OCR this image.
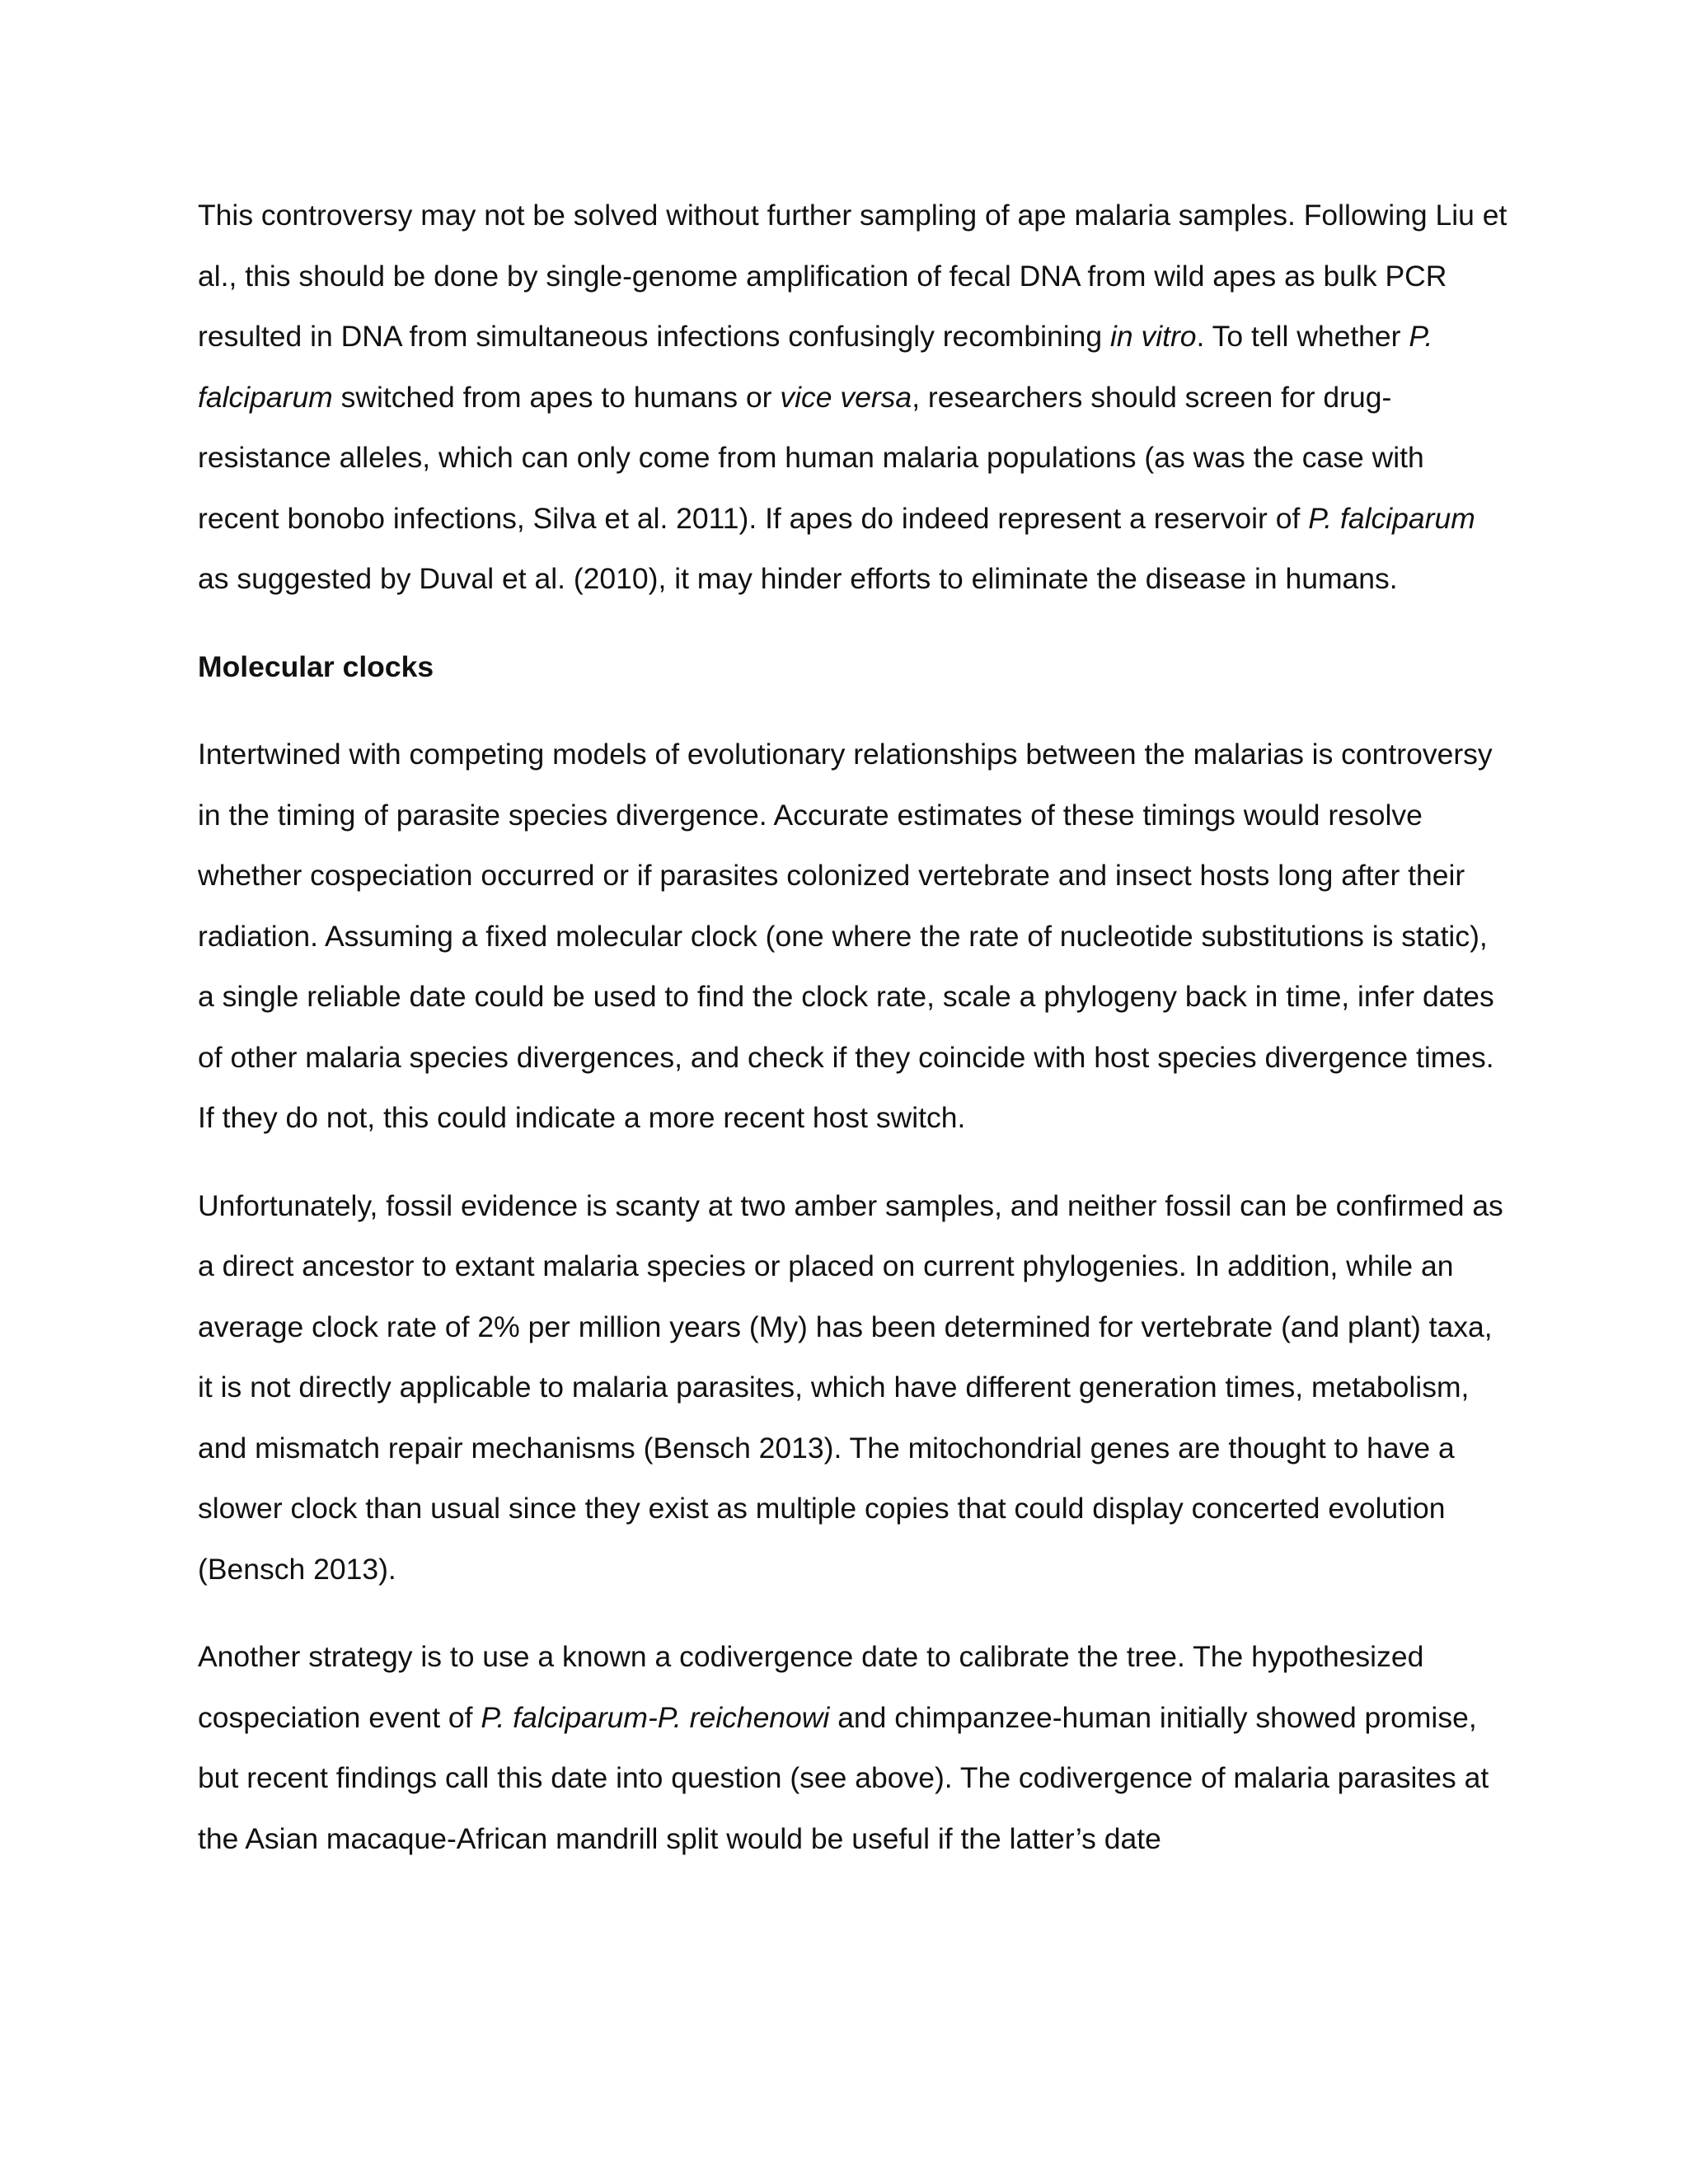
This controversy may not be solved without further sampling of ape malaria samples. Following Liu et al., this should be done by single-genome amplification of fecal DNA from wild apes as bulk PCR resulted in DNA from simultaneous infections confusingly recombining in vitro. To tell whether P. falciparum switched from apes to humans or vice versa, researchers should screen for drug-resistance alleles, which can only come from human malaria populations (as was the case with recent bonobo infections, Silva et al. 2011). If apes do indeed represent a reservoir of P. falciparum as suggested by Duval et al. (2010), it may hinder efforts to eliminate the disease in humans.

Molecular clocks

Intertwined with competing models of evolutionary relationships between the malarias is controversy in the timing of parasite species divergence. Accurate estimates of these timings would resolve whether cospeciation occurred or if parasites colonized vertebrate and insect hosts long after their radiation. Assuming a fixed molecular clock (one where the rate of nucleotide substitutions is static), a single reliable date could be used to find the clock rate, scale a phylogeny back in time, infer dates of other malaria species divergences, and check if they coincide with host species divergence times. If they do not, this could indicate a more recent host switch.

Unfortunately, fossil evidence is scanty at two amber samples, and neither fossil can be confirmed as a direct ancestor to extant malaria species or placed on current phylogenies. In addition, while an average clock rate of 2% per million years (My) has been determined for vertebrate (and plant) taxa, it is not directly applicable to malaria parasites, which have different generation times, metabolism, and mismatch repair mechanisms (Bensch 2013). The mitochondrial genes are thought to have a slower clock than usual since they exist as multiple copies that could display concerted evolution (Bensch 2013).

Another strategy is to use a known a codivergence date to calibrate the tree. The hypothesized cospeciation event of P. falciparum-P. reichenowi and chimpanzee-human initially showed promise, but recent findings call this date into question (see above). The codivergence of malaria parasites at the Asian macaque-African mandrill split would be useful if the latter’s date
